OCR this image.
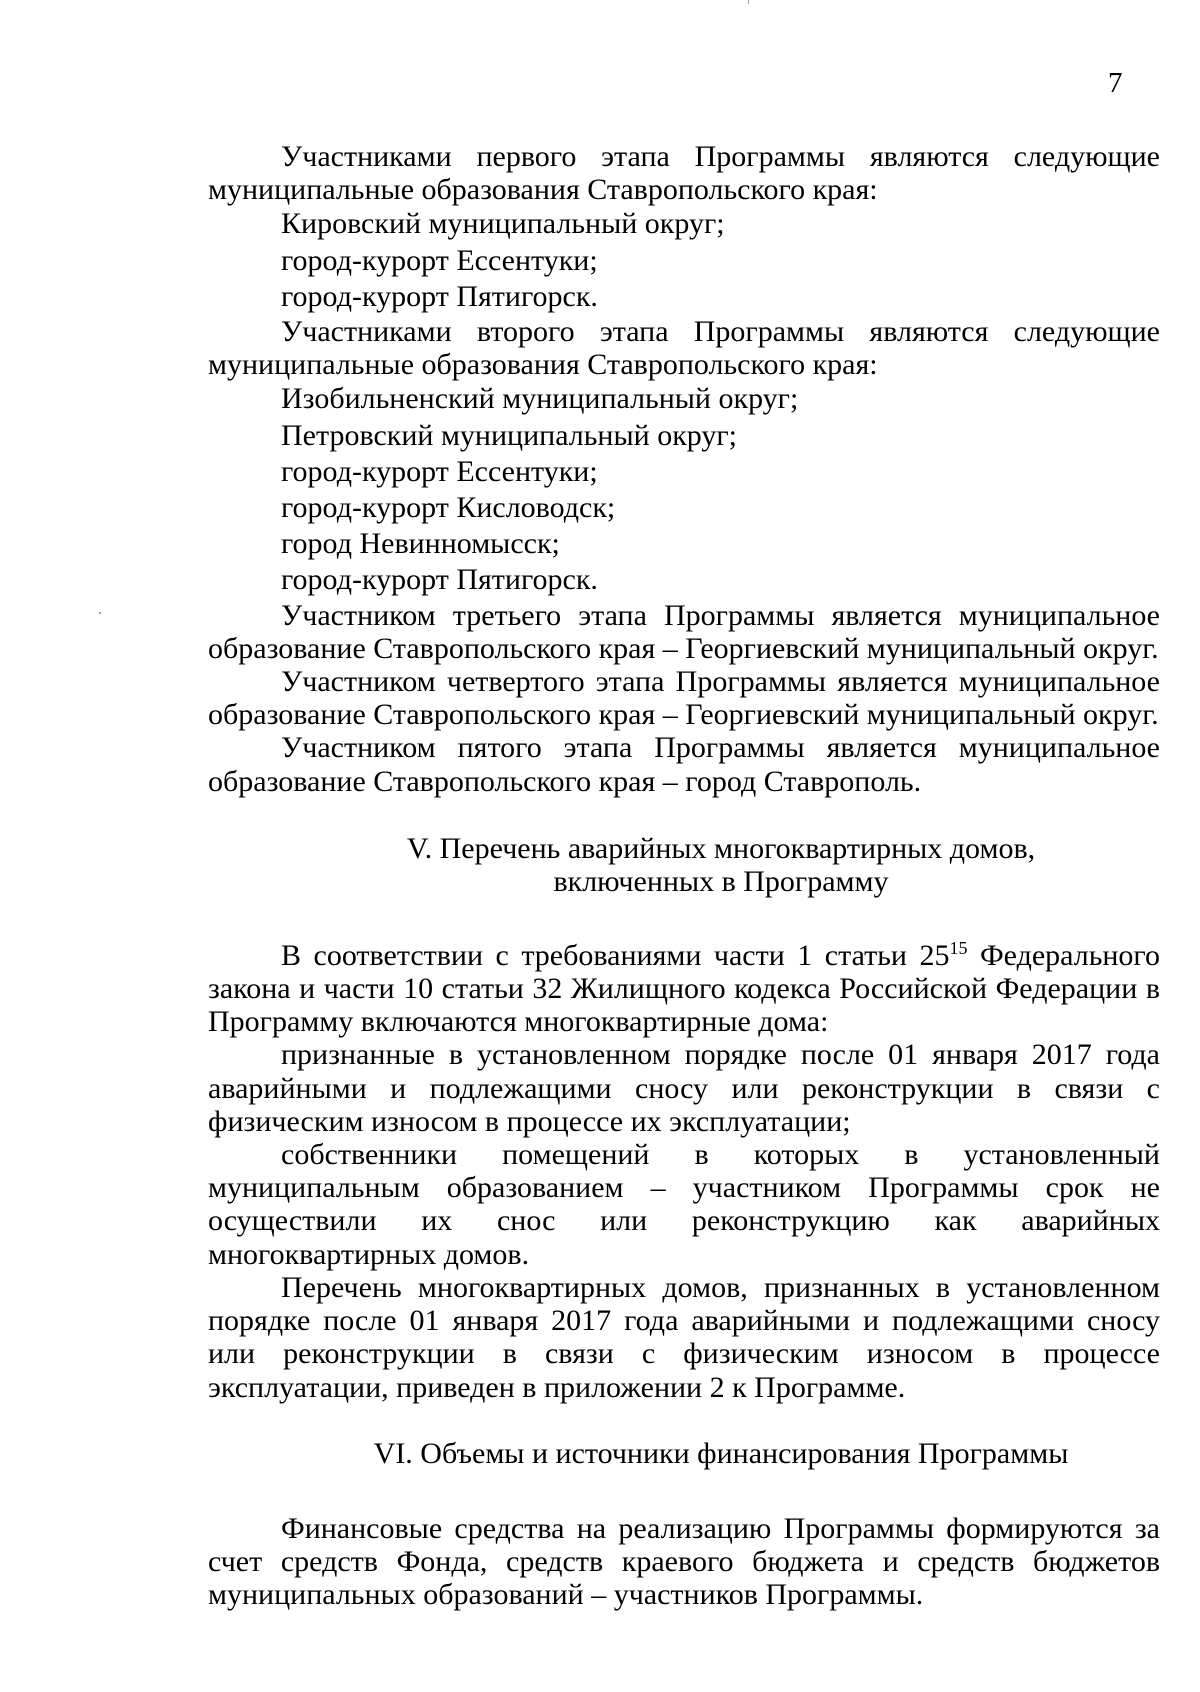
7

Участниками первого этапа Программы являются следующие муниципальные образования Ставропольского края:

Кировский муниципальный округ;

город-курорт Ессентуки;

город-курорт Пятигорск.

Участниками второго этапа Программы являются следующие муниципальные образования Ставропольского края:

Изобильненский муниципальный округ;

Петровский муниципальный округ;

город-курорт Ессентуки;

город-курорт Кисловодск;

город Невинномысск;

город-курорт Пятигорск.

Участником третьего этапа Программы является муниципальное образование Ставропольского края – Георгиевский муниципальный округ.

Участником четвертого этапа Программы является муниципальное образование Ставропольского края – Георгиевский муниципальный округ.

Участником пятого этапа Программы является муниципальное образование Ставропольского края – город Ставрополь.

V. Перечень аварийных многоквартирных домов,
включенных в Программу

В соответствии с требованиями части 1 статьи $25^{15}$ Федерального закона и части 10 статьи 32 Жилищного кодекса Российской Федерации в Программу включаются многоквартирные дома:

признанные в установленном порядке после 01 января 2017 года аварийными и подлежащими сносу или реконструкции в связи с физическим износом в процессе их эксплуатации;

собственники помещений в которых в установленный муниципальным образованием – участником Программы срок не осуществили их снос или реконструкцию как аварийных многоквартирных домов.

Перечень многоквартирных домов, признанных в установленном порядке после 01 января 2017 года аварийными и подлежащими сносу или реконструкции в связи с физическим износом в процессе эксплуатации, приведен в приложении 2 к Программе.

VI. Объемы и источники финансирования Программы

Финансовые средства на реализацию Программы формируются за счет средств Фонда, средств краевого бюджета и средств бюджетов муниципальных образований – участников Программы.
